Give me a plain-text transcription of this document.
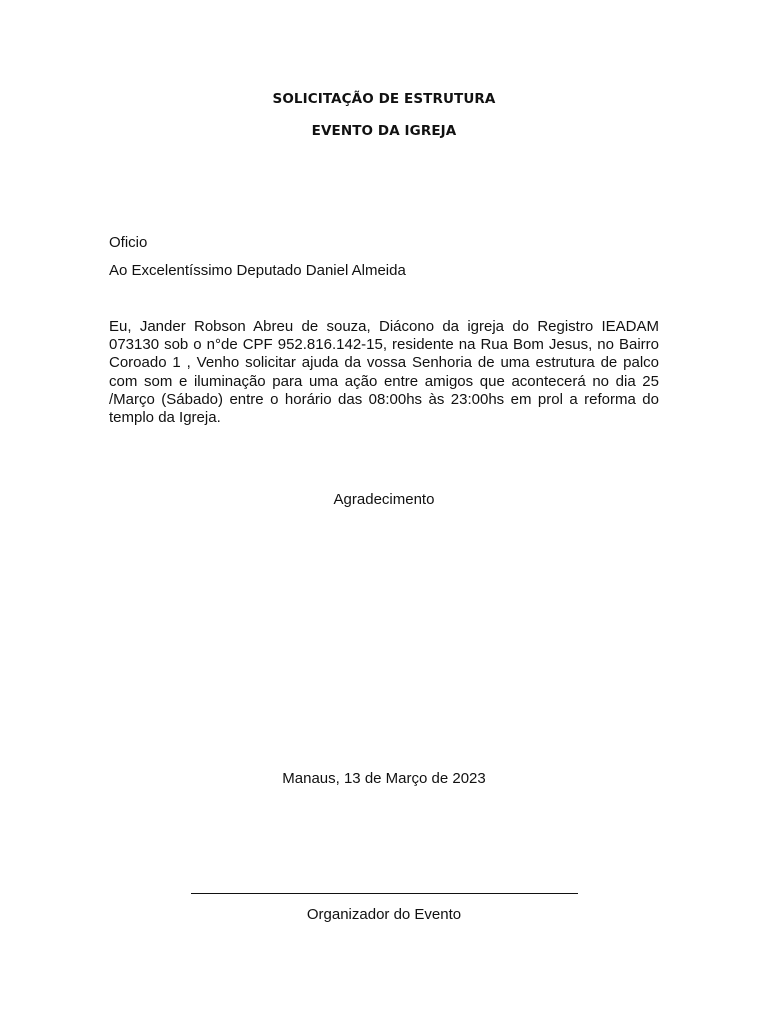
SOLICITAÇÃO DE ESTRUTURA
EVENTO DA IGREJA
Oficio
Ao Excelentíssimo Deputado Daniel Almeida
Eu, Jander Robson Abreu de souza, Diácono da igreja do Registro IEADAM
073130 sob o n°de CPF 952.816.142-15, residente na Rua Bom Jesus, no Bairro
Coroado 1 , Venho solicitar ajuda da vossa Senhoria de uma estrutura de palco
com som e iluminação para uma ação entre amigos que acontecerá no dia 25
/Março (Sábado) entre o horário das 08:00hs às 23:00hs em prol a reforma do
templo da Igreja.
Agradecimento
Manaus, 13 de Março de 2023
Organizador do Evento
